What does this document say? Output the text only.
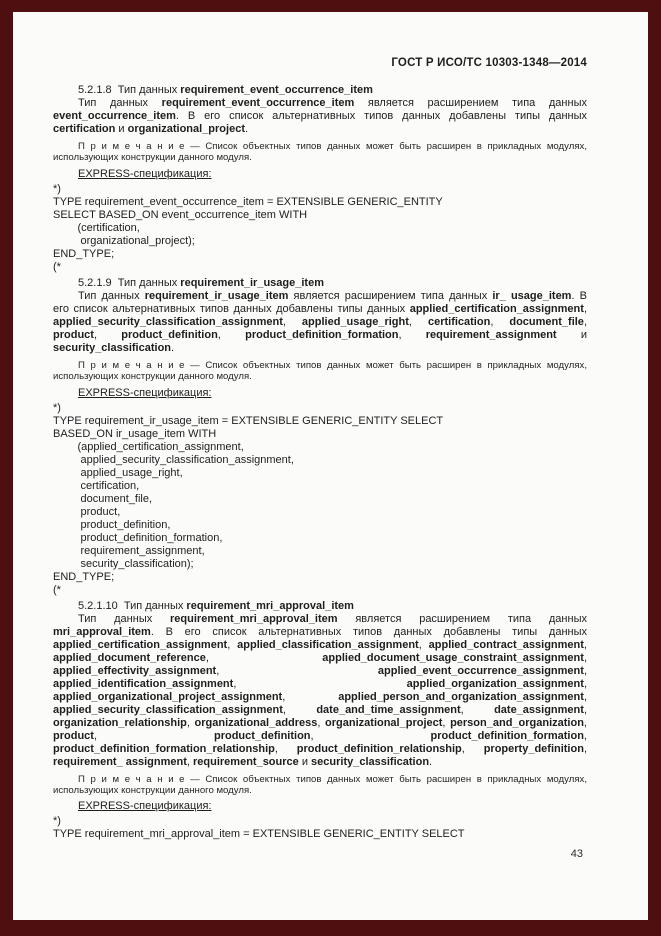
ГОСТ Р ИСО/ТС 10303-1348—2014
5.2.1.8  Тип данных requirement_event_occurrence_item
Тип данных requirement_event_occurrence_item является расширением типа данных event_occurrence_item. В его список альтернативных типов данных добавлены типы данных certification и organizational_project.
П р и м е ч а н и е — Список объектных типов данных может быть расширен в прикладных модулях, использующих конструкции данного модуля.
EXPRESS-спецификация:
*)
TYPE requirement_event_occurrence_item = EXTENSIBLE GENERIC_ENTITY
SELECT BASED_ON event_occurrence_item WITH
(certification,
organizational_project);
END_TYPE;
(*
5.2.1.9  Тип данных requirement_ir_usage_item
Тип данных requirement_ir_usage_item является расширением типа данных ir_ usage_item. В его список альтернативных типов данных добавлены типы данных applied_certification_assignment, applied_security_classification_assignment, applied_usage_right, certification, document_file, product, product_definition, product_definition_formation, requirement_assignment и security_classification.
П р и м е ч а н и е — Список объектных типов данных может быть расширен в прикладных модулях, использующих конструкции данного модуля.
EXPRESS-спецификация:
*)
TYPE requirement_ir_usage_item = EXTENSIBLE GENERIC_ENTITY SELECT
BASED_ON ir_usage_item WITH
(applied_certification_assignment,
applied_security_classification_assignment,
applied_usage_right,
certification,
document_file,
product,
product_definition,
product_definition_formation,
requirement_assignment,
security_classification);
END_TYPE;
(*
5.2.1.10  Тип данных requirement_mri_approval_item
Тип данных requirement_mri_approval_item является расширением типа данных mri_approval_item. В его список альтернативных типов данных добавлены типы данных applied_certification_assignment, applied_classification_assignment, applied_contract_assignment, applied_document_reference, applied_document_usage_constraint_assignment, applied_effectivity_assignment, applied_event_occurrence_assignment, applied_identification_assignment, applied_organization_assignment, applied_organizational_project_assignment, applied_person_and_organization_assignment, applied_security_classification_assignment, date_and_time_assignment, date_assignment, organization_relationship, organizational_address, organizational_project, person_and_organization, product, product_definition, product_definition_formation, product_definition_formation_relationship, product_definition_relationship, property_definition, requirement_ assignment, requirement_source и security_classification.
П р и м е ч а н и е — Список объектных типов данных может быть расширен в прикладных модулях, использующих конструкции данного модуля.
EXPRESS-спецификация:
*)
TYPE requirement_mri_approval_item = EXTENSIBLE GENERIC_ENTITY SELECT
43
